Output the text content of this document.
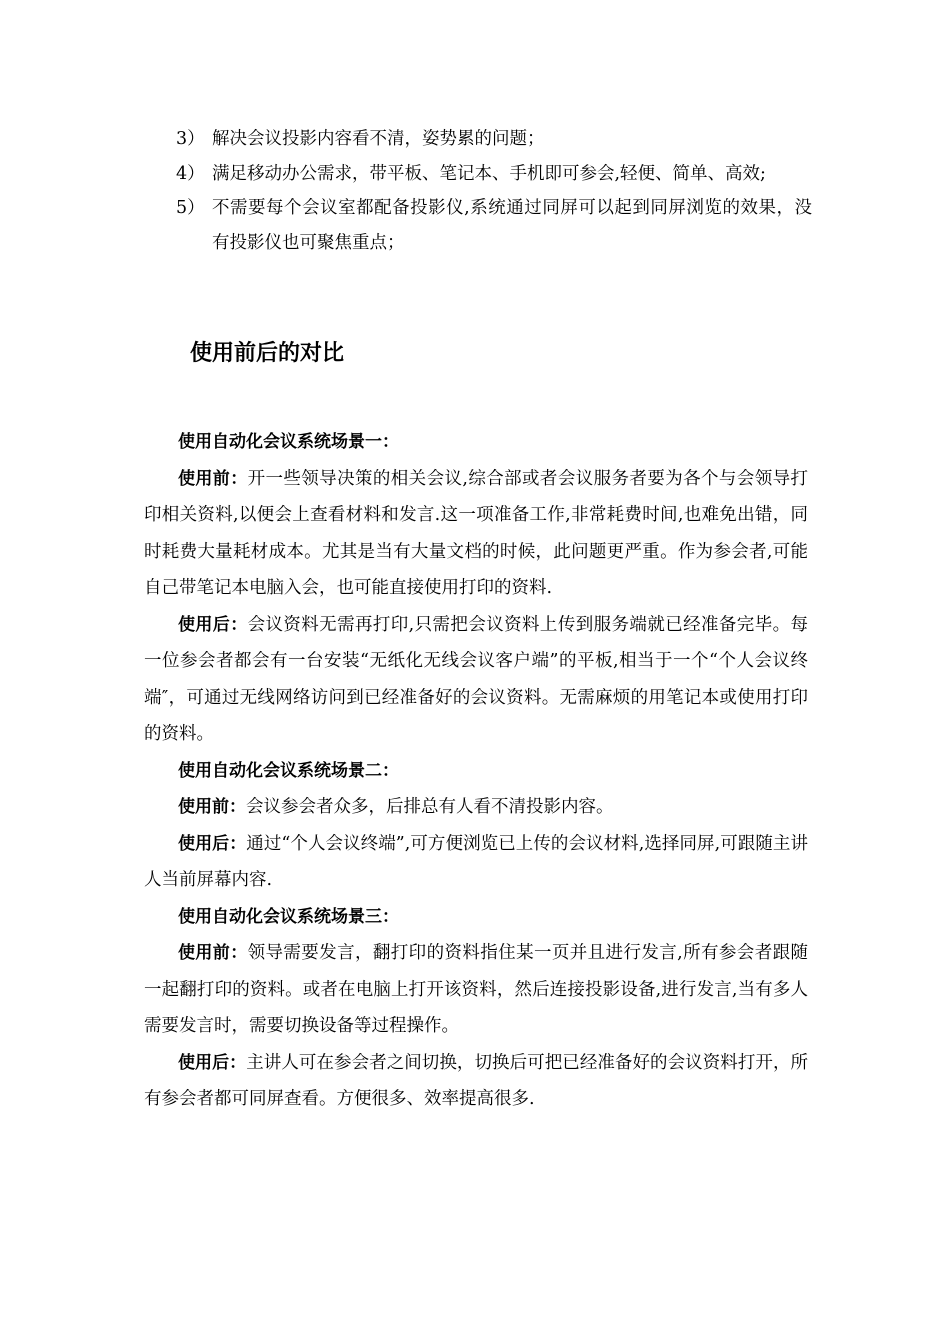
3） 解决会议投影内容看不清，姿势累的问题；
4） 满足移动办公需求，带平板、笔记本、手机即可参会,轻便、简单、高效;
5） 不需要每个会议室都配备投影仪,系统通过同屏可以起到同屏浏览的效果，没有投影仪也可聚焦重点；
使用前后的对比

使用自动化会议系统场景一：

使用前：开一些领导决策的相关会议,综合部或者会议服务者要为各个与会领导打印相关资料,以便会上查看材料和发言.这一项准备工作,非常耗费时间,也难免出错，同时耗费大量耗材成本。尤其是当有大量文档的时候，此问题更严重。作为参会者,可能自己带笔记本电脑入会，也可能直接使用打印的资料.

使用后：会议资料无需再打印,只需把会议资料上传到服务端就已经准备完毕。每一位参会者都会有一台安装“无纸化无线会议客户端”的平板,相当于一个“个人会议终端″，可通过无线网络访问到已经准备好的会议资料。无需麻烦的用笔记本或使用打印的资料。

使用自动化会议系统场景二：

使用前：会议参会者众多，后排总有人看不清投影内容。

使用后：通过“个人会议终端”,可方便浏览已上传的会议材料,选择同屏,可跟随主讲人当前屏幕内容.

使用自动化会议系统场景三：

使用前：领导需要发言，翻打印的资料指住某一页并且进行发言,所有参会者跟随一起翻打印的资料。或者在电脑上打开该资料，然后连接投影设备,进行发言,当有多人需要发言时，需要切换设备等过程操作。

使用后：主讲人可在参会者之间切换，切换后可把已经准备好的会议资料打开，所有参会者都可同屏查看。方便很多、效率提高很多.
